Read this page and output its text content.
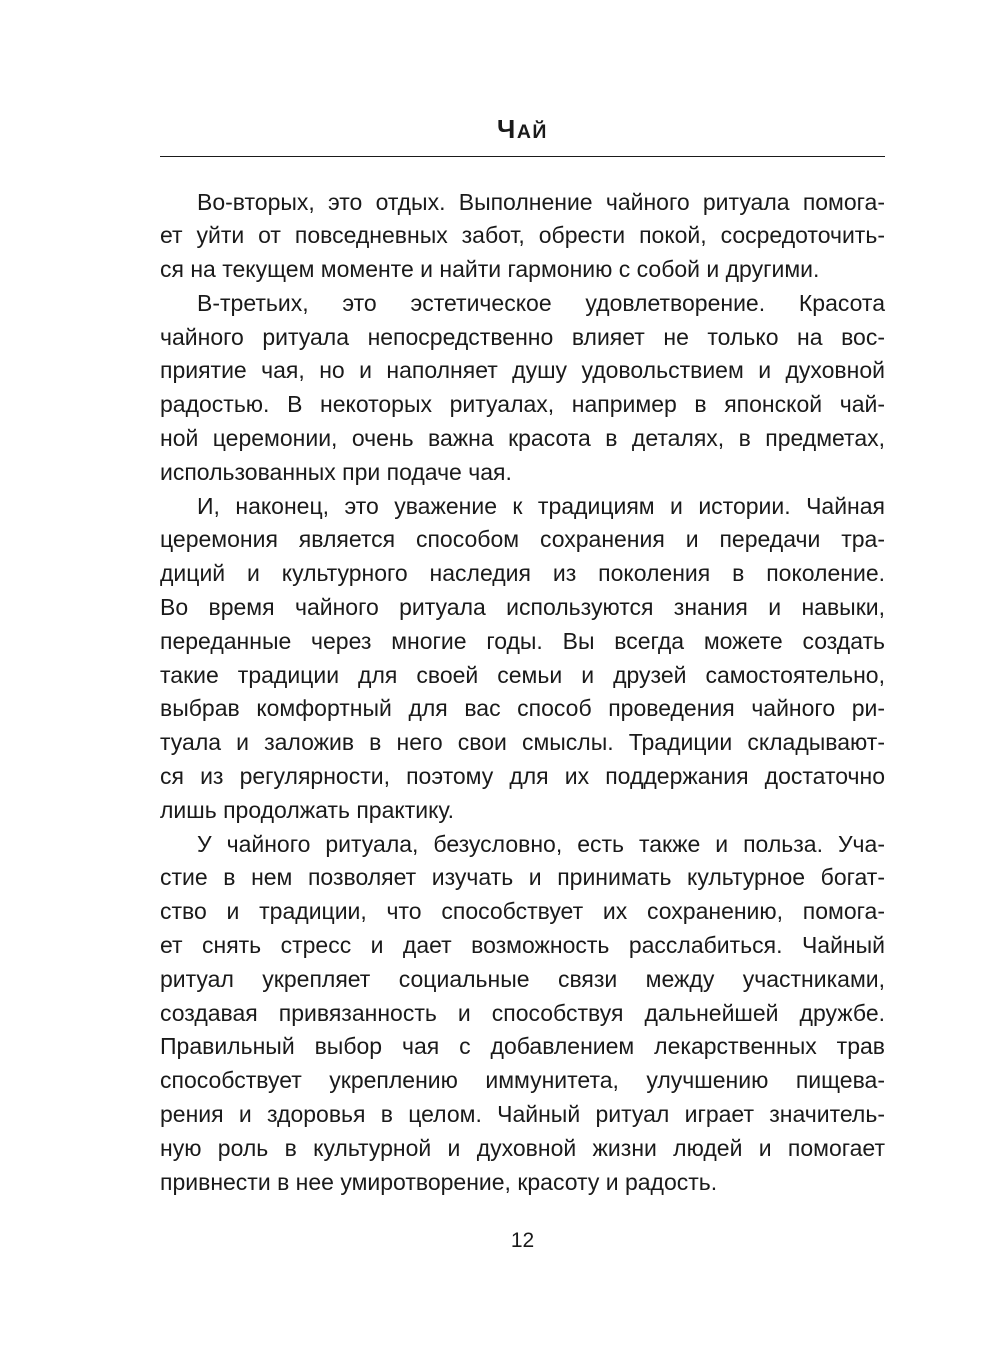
ЧАЙ

Во-вторых, это отдых. Выполнение чайного ритуала помога-
ет уйти от повседневных забот, обрести покой, сосредоточить-
ся на текущем моменте и найти гармонию с собой и другими.

В-третьих, это эстетическое удовлетворение. Красота
чайного ритуала непосредственно влияет не только на вос-
приятие чая, но и наполняет душу удовольствием и духовной
радостью. В некоторых ритуалах, например в японской чай-
ной церемонии, очень важна красота в деталях, в предметах,
использованных при подаче чая.

И, наконец, это уважение к традициям и истории. Чайная
церемония является способом сохранения и передачи тра-
диций и культурного наследия из поколения в поколение.
Во время чайного ритуала используются знания и навыки,
переданные через многие годы. Вы всегда можете создать
такие традиции для своей семьи и друзей самостоятельно,
выбрав комфортный для вас способ проведения чайного ри-
туала и заложив в него свои смыслы. Традиции складывают-
ся из регулярности, поэтому для их поддержания достаточно
лишь продолжать практику.

У чайного ритуала, безусловно, есть также и польза. Уча-
стие в нем позволяет изучать и принимать культурное богат-
ство и традиции, что способствует их сохранению, помога-
ет снять стресс и дает возможность расслабиться. Чайный
ритуал укрепляет социальные связи между участниками,
создавая привязанность и способствуя дальнейшей дружбе.
Правильный выбор чая с добавлением лекарственных трав
способствует укреплению иммунитета, улучшению пищева-
рения и здоровья в целом. Чайный ритуал играет значитель-
ную роль в культурной и духовной жизни людей и помогает
привнести в нее умиротворение, красоту и радость.

12
